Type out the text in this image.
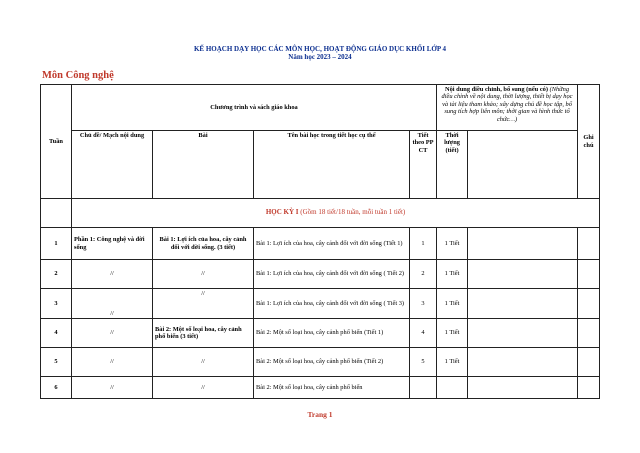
KẾ HOẠCH DẠY HỌC CÁC MÔN HỌC, HOẠT ĐỘNG GIÁO DỤC KHỐI LỚP 4
Năm học 2023 – 2024
Môn Công nghệ
Tuần	Chương trình và sách giáo khoa				Nội dung điều chỉnh, bổ sung (nếu có) (Những điều chỉnh về nội dung, thời lượng, thiết bị dạy học và tài liệu tham khảo; xây dựng chủ đề học tập, bổ sung tích hợp liên môn; thời gian và hình thức tổ chức…)		Ghi chú
	Chủ đề/ Mạch nội dung	Bài	Tên bài học trong tiết học cụ thể	Tiết theo PP CT	Thời lượng (tiết)		
	HỌC KỲ I (Gồm 18 tiết/18 tuần, mỗi tuần 1 tiết)						
1	Phần 1: Công nghệ và đời sống	Bài 1: Lợi ích của hoa, cây cảnh đối với đời sống. (3 tiết)	Bài 1: Lợi ích của hoa, cây cảnh đối với đời sống (Tiết 1)	1	1 Tiết		
2	//	//	Bài 1: Lợi ích của hoa, cây cảnh đối với đời sống ( Tiết 2)	2	1 Tiết		
3	//	//	Bài 1: Lợi ích của hoa, cây cảnh đối với đời sống ( Tiết 3)	3	1 Tiết		
4	//	Bài 2: Một số loại hoa, cây cảnh phổ biến (3 tiết)	Bài 2: Một số loại hoa, cây cảnh phổ biến (Tiết 1)	4	1 Tiết		
5	//	//	Bài 2: Một số loại hoa, cây cảnh phổ biến (Tiết 2)	5	1 Tiết		
6	//	//	Bài 2: Một số loại hoa, cây cảnh phổ biến				
Trang 1
